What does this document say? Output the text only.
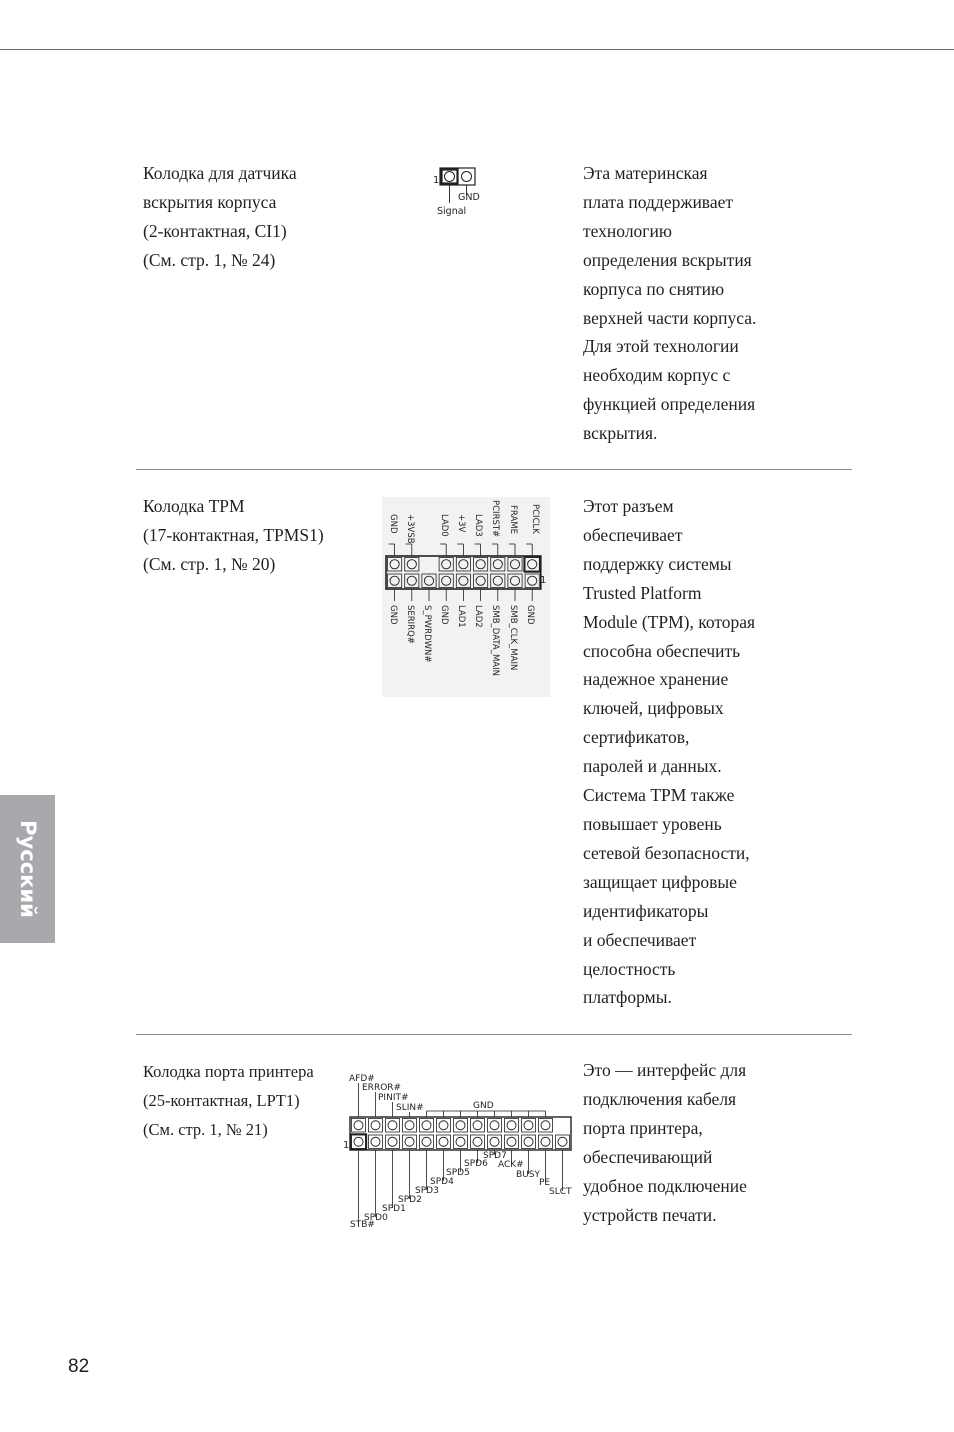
Колодка для датчика
вскрытия корпуса
(2-контактная, CI1)
(См. стр. 1, № 24)
1
GND
Signal
Эта материнская
плата поддерживает
технологию
определения вскрытия
корпуса по снятию
верхней части корпуса.
Для этой технологии
необходим корпус с
функцией определения
вскрытия.
Колодка TPM
(17-контактная, TPMS1)
(См. стр. 1, № 20)
GND +3VSB	LAD0 +3V LAD3 PCIRST# FRAME PCICLK
GND SERIRQ# S_PWRDWN# GND LAD1 LAD2 SMB_DATA_MAIN SMB_CLK_MAIN GND
1
Этот разъем
обеспечивает
поддержку системы
Trusted Platform
Module (TPM), которая
способна обеспечить
надежное хранение
ключей, цифровых
сертификатов,
паролей и данных.
Система TPM также
повышает уровень
сетевой безопасности,
защищает цифровые
идентификаторы
и обеспечивает
целостность
платформы.
Колодка порта принтера
(25-контактная, LPT1)
(См. стр. 1, № 21)
AFD#
ERROR#
PINIT#
SLIN#	GND
1
STB#
SPD0
SPD1
SPD2
SPD3
SPD4
SPD5
SPD6
SPD7
ACK#
BUSY
PE
SLCT
Это — интерфейс для
подключения кабеля
порта принтера,
обеспечивающий
удобное подключение
устройств печати.
Русский
82
